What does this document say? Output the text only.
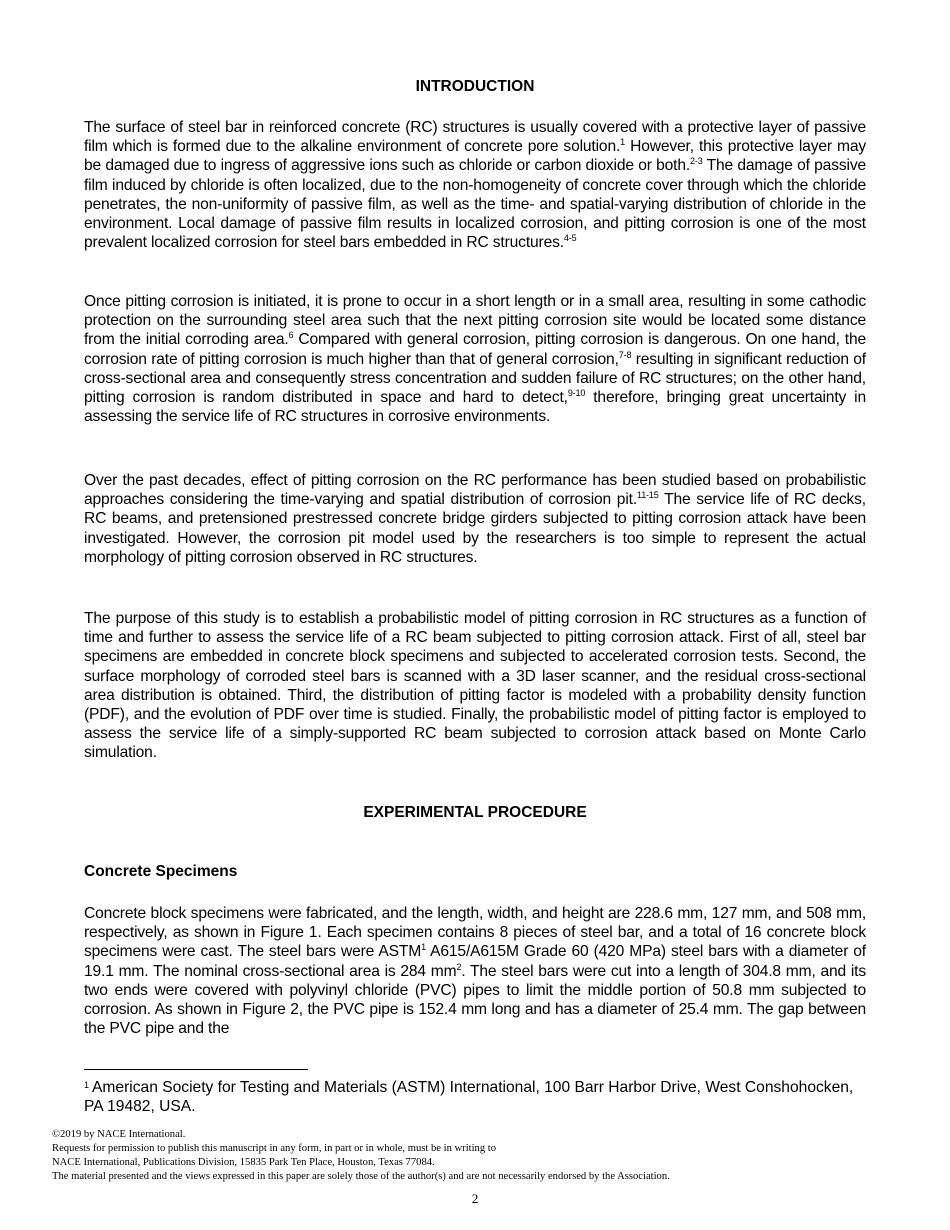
INTRODUCTION

The surface of steel bar in reinforced concrete (RC) structures is usually covered with a protective layer of passive film which is formed due to the alkaline environment of concrete pore solution.$^1$ However, this protective layer may be damaged due to ingress of aggressive ions such as chloride or carbon dioxide or both.$^{2-3}$ The damage of passive film induced by chloride is often localized, due to the non-homogeneity of concrete cover through which the chloride penetrates, the non-uniformity of passive film, as well as the time- and spatial-varying distribution of chloride in the environment. Local damage of passive film results in localized corrosion, and pitting corrosion is one of the most prevalent localized corrosion for steel bars embedded in RC structures.$^{4-5}$

Once pitting corrosion is initiated, it is prone to occur in a short length or in a small area, resulting in some cathodic protection on the surrounding steel area such that the next pitting corrosion site would be located some distance from the initial corroding area.$^6$ Compared with general corrosion, pitting corrosion is dangerous. On one hand, the corrosion rate of pitting corrosion is much higher than that of general corrosion,$^{7-8}$ resulting in significant reduction of cross-sectional area and consequently stress concentration and sudden failure of RC structures; on the other hand, pitting corrosion is random distributed in space and hard to detect,$^{9-10}$ therefore, bringing great uncertainty in assessing the service life of RC structures in corrosive environments.

Over the past decades, effect of pitting corrosion on the RC performance has been studied based on probabilistic approaches considering the time-varying and spatial distribution of corrosion pit.$^{11-15}$ The service life of RC decks, RC beams, and pretensioned prestressed concrete bridge girders subjected to pitting corrosion attack have been investigated. However, the corrosion pit model used by the researchers is too simple to represent the actual morphology of pitting corrosion observed in RC structures.

The purpose of this study is to establish a probabilistic model of pitting corrosion in RC structures as a function of time and further to assess the service life of a RC beam subjected to pitting corrosion attack. First of all, steel bar specimens are embedded in concrete block specimens and subjected to accelerated corrosion tests. Second, the surface morphology of corroded steel bars is scanned with a 3D laser scanner, and the residual cross-sectional area distribution is obtained. Third, the distribution of pitting factor is modeled with a probability density function (PDF), and the evolution of PDF over time is studied. Finally, the probabilistic model of pitting factor is employed to assess the service life of a simply-supported RC beam subjected to corrosion attack based on Monte Carlo simulation.

EXPERIMENTAL PROCEDURE
Concrete Specimens

Concrete block specimens were fabricated, and the length, width, and height are 228.6 mm, 127 mm, and 508 mm, respectively, as shown in Figure 1. Each specimen contains 8 pieces of steel bar, and a total of 16 concrete block specimens were cast. The steel bars were ASTM$^1$ A615/A615M Grade 60 (420 MPa) steel bars with a diameter of 19.1 mm. The nominal cross-sectional area is 284 $mm^2$. The steel bars were cut into a length of 304.8 mm, and its two ends were covered with polyvinyl chloride (PVC) pipes to limit the middle portion of 50.8 mm subjected to corrosion. As shown in Figure 2, the PVC pipe is 152.4 mm long and has a diameter of 25.4 mm. The gap between the PVC pipe and the

$^1$ American Society for Testing and Materials (ASTM) International, 100 Barr Harbor Drive, West Conshohocken, PA 19482, USA.
©2019 by NACE International.
Requests for permission to publish this manuscript in any form, in part or in whole, must be in writing to
NACE International, Publications Division, 15835 Park Ten Place, Houston, Texas 77084.
The material presented and the views expressed in this paper are solely those of the author(s) and are not necessarily endorsed by the Association.
2
